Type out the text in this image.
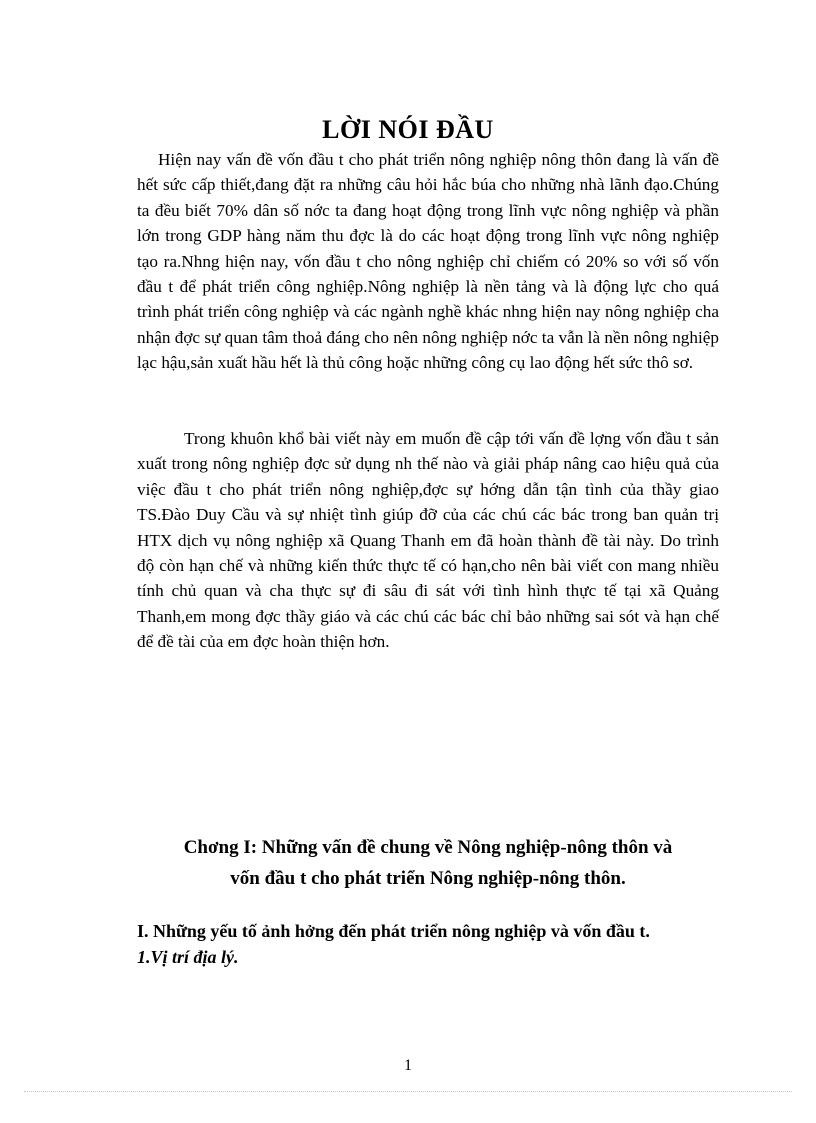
LỜI NÓI ĐẦU

Hiện nay vấn đề vốn đầu t cho phát triển nông nghiệp nông thôn đang là vấn đề hết sức cấp thiết,đang đặt ra những câu hỏi hắc búa cho những nhà lãnh đạo.Chúng ta đều biết 70% dân số nớc ta đang hoạt động trong lĩnh vực nông nghiệp và phần lớn trong GDP hàng năm thu đợc là do các hoạt động trong lĩnh vực nông nghiệp tạo ra.Nhng hiện nay, vốn đầu t cho nông nghiệp chỉ chiếm có 20% so với số vốn đầu t để phát triển công nghiệp.Nông nghiệp là nền tảng và là động lực cho quá trình phát triển công nghiệp và các ngành nghề khác nhng hiện nay nông nghiệp cha nhận đợc sự quan tâm thoả đáng cho nên nông nghiệp nớc ta vẫn là nền nông nghiệp lạc hậu,sản xuất hầu hết là thủ công hoặc những công cụ lao động hết sức thô sơ.

Trong khuôn khổ bài viết này em muốn đề cập tới vấn đề lợng vốn đầu t sản xuất trong nông nghiệp đợc sử dụng nh thế nào và giải pháp nâng cao hiệu quả của việc đầu t cho phát triển nông nghiệp,đợc sự hớng dẫn tận tình của thầy giao TS.Đào Duy Cầu và sự nhiệt tình giúp đỡ của các chú các bác trong ban quản trị HTX dịch vụ nông nghiệp xã Quang Thanh em đã hoàn thành đề tài này. Do trình độ còn hạn chế và những kiến thức thực tế có hạn,cho nên bài viết con mang nhiều tính chủ quan và cha thực sự đi sâu đi sát với tình hình thực tế tại xã Quảng Thanh,em mong đợc thầy giáo và các chú các bác chỉ bảo những sai sót và hạn chế để đề tài của em đợc hoàn thiện hơn.

Chơng I: Những vấn đề chung về Nông nghiệp-nông thôn và
vốn đầu t cho phát triển Nông nghiệp-nông thôn.
I. Những yếu tố ảnh hởng đến phát triển nông nghiệp và vốn đầu t.
1.Vị trí địa lý.
1
